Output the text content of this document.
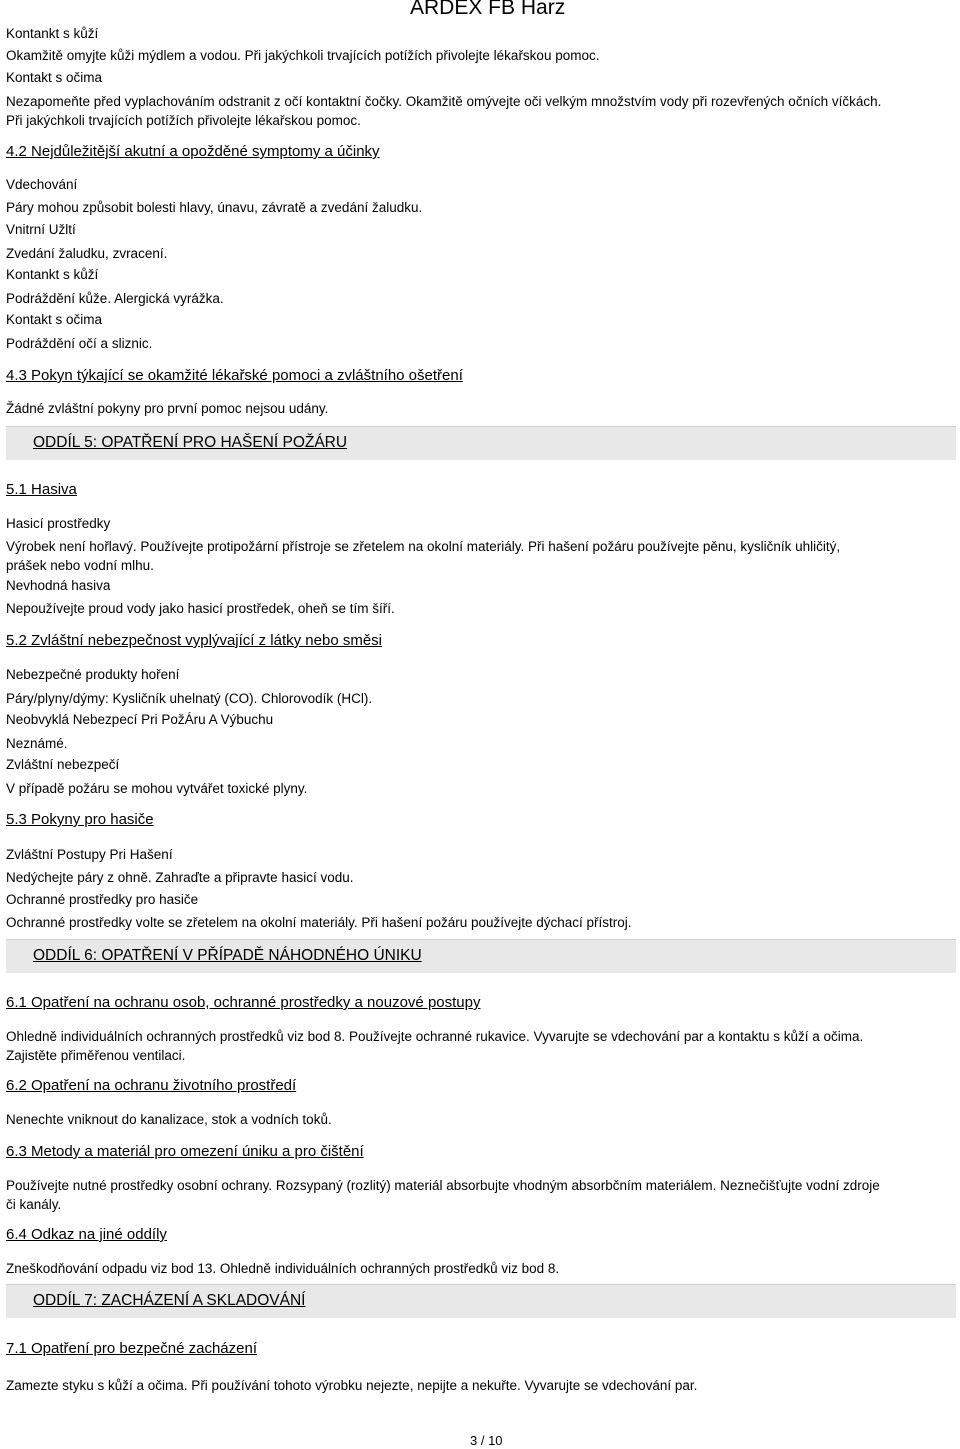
ARDEX FB Harz
Kontankt s kůží
Okamžitě omyjte kůži mýdlem a vodou. Při jakýchkoli trvajících potížích přivolejte lékařskou pomoc.
Kontakt s očima
Nezapomeňte před vyplachováním odstranit z očí kontaktní čočky. Okamžitě omývejte oči velkým množstvím vody při rozevřených očních víčkách. Při jakýchkoli trvajících potížích přivolejte lékařskou pomoc.
4.2 Nejdůležitější akutní a opožděné symptomy a účinky
Vdechování
Páry mohou způsobit bolesti hlavy, únavu, závratě a zvedání žaludku.
Vnitrní Užltí
Zvedání žaludku, zvracení.
Kontankt s kůží
Podráždění kůže. Alergická vyrážka.
Kontakt s očima
Podráždění očí a sliznic.
4.3 Pokyn týkající se okamžité lékařské pomoci a zvláštního ošetření
Žádné zvláštní pokyny pro první pomoc nejsou udány.
ODDÍL 5: OPATŘENÍ PRO HAŠENÍ POŽÁRU
5.1 Hasiva
Hasicí prostředky
Výrobek není hořlavý. Používejte protipožární přístroje se zřetelem na okolní materiály. Při hašení požáru používejte pěnu, kysličník uhličitý, prášek nebo vodní mlhu.
Nevhodná hasiva
Nepoužívejte proud vody jako hasicí prostředek, oheň se tím šíří.
5.2 Zvláštní nebezpečnost vyplývající z látky nebo směsi
Nebezpečné produkty hoření
Páry/plyny/dýmy: Kysličník uhelnatý (CO). Chlorovodík (HCl).
Neobvyklá Nebezpecí Pri PožÁru A Výbuchu
Neznámé.
Zvláštní nebezpečí
V případě požáru se mohou vytvářet toxické plyny.
5.3 Pokyny pro hasiče
Zvláštní Postupy Pri Hašení
Nedýchejte páry z ohně. Zahraďte a připravte hasicí vodu.
Ochranné prostředky pro hasiče
Ochranné prostředky volte se zřetelem na okolní materiály. Při hašení požáru používejte dýchací přístroj.
ODDÍL 6: OPATŘENÍ V PŘÍPADĚ NÁHODNÉHO ÚNIKU
6.1 Opatření na ochranu osob, ochranné prostředky a nouzové postupy
Ohledně individuálních ochranných prostředků viz bod 8. Používejte ochranné rukavice. Vyvarujte se vdechování par a kontaktu s kůží a očima. Zajistěte přiměřenou ventilaci.
6.2 Opatření na ochranu životního prostředí
Nenechte vniknout do kanalizace, stok a vodních toků.
6.3 Metody a materiál pro omezení úniku a pro čištění
Používejte nutné prostředky osobní ochrany. Rozsypaný (rozlitý) materiál absorbujte vhodným absorbčním materiálem. Neznečišťujte vodní zdroje či kanály.
6.4 Odkaz na jiné oddíly
Zneškodňování odpadu viz bod 13. Ohledně individuálních ochranných prostředků viz bod 8.
ODDÍL 7: ZACHÁZENÍ A SKLADOVÁNÍ
7.1 Opatření pro bezpečné zacházení
Zamezte styku s kůží a očima. Při používání tohoto výrobku nejezte, nepijte a nekuřte. Vyvarujte se vdechování par.
3 / 10
